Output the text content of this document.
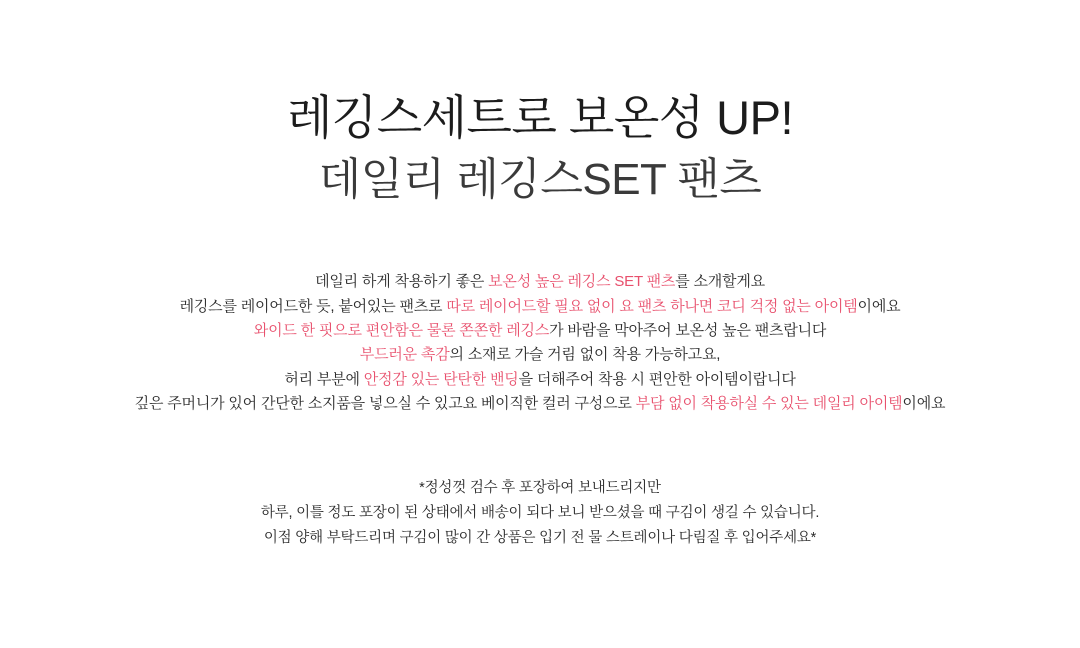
레깅스세트로 보온성 UP!
데일리 레깅스SET 팬츠

데일리 하게 착용하기 좋은 보온성 높은 레깅스 SET 팬츠를 소개할게요

레깅스를 레이어드한 듯, 붙어있는 팬츠로 따로 레이어드할 필요 없이 요 팬츠 하나면 코디 걱정 없는 아이템이에요

와이드 한 핏으로 편안함은 물론 쫀쫀한 레깅스가 바람을 막아주어 보온성 높은 팬츠랍니다

부드러운 촉감의 소재로 가슬 거림 없이 착용 가능하고요,

허리 부분에 안정감 있는 탄탄한 밴딩을 더해주어 착용 시 편안한 아이템이랍니다

깊은 주머니가 있어 간단한 소지품을 넣으실 수 있고요 베이직한 컬러 구성으로 부담 없이 착용하실 수 있는 데일리 아이템이에요

*정성껏 검수 후 포장하여 보내드리지만

하루, 이틀 정도 포장이 된 상태에서 배송이 되다 보니 받으셨을 때 구김이 생길 수 있습니다.

이점 양해 부탁드리며 구김이 많이 간 상품은 입기 전 물 스트레이나 다림질 후 입어주세요*
